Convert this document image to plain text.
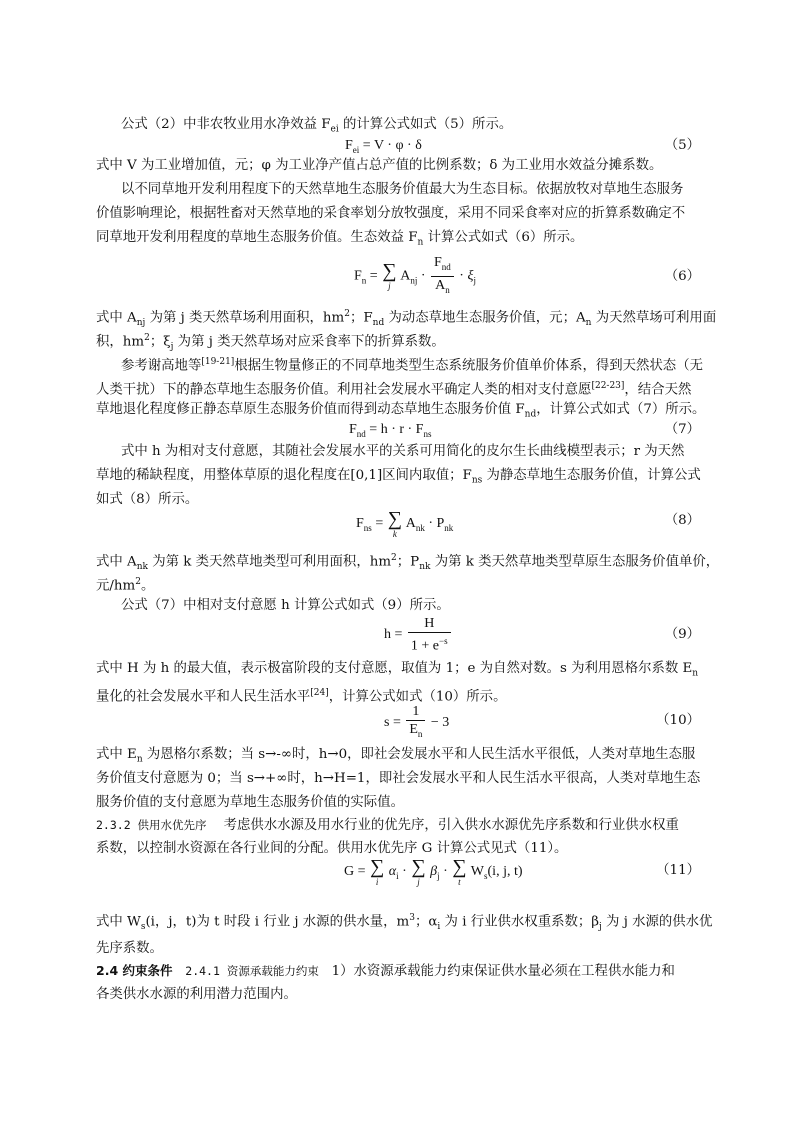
公式（2）中非农牧业用水净效益 $F_{ei}$ 的计算公式如式（5）所示。
$F_{ei} = V \cdot \varphi \cdot \delta$	（5）
式中 V 为工业增加值，元；φ 为工业净产值占总产值的比例系数；δ 为工业用水效益分摊系数。
以不同草地开发利用程度下的天然草地生态服务价值最大为生态目标。依据放牧对草地生态服务
价值影响理论，根据牲畜对天然草地的采食率划分放牧强度，采用不同采食率对应的折算系数确定不
同草地开发利用程度的草地生态服务价值。生态效益 $F_n$ 计算公式如式（6）所示。
$F_n$ = ∑
j
$A_{nj} \cdot \frac{F_{nd}}{A_n} \cdot \xi_j$	（6）
式中 $A_{nj}$ 为第 j 类天然草场利用面积，$hm^2$；$F_{nd}$ 为动态草地生态服务价值，元；$A_n$ 为天然草场可利用面
积，$hm^2$；$\xi_j$ 为第 j 类天然草场对应采食率下的折算系数。
参考谢高地等[19-21]根据生物量修正的不同草地类型生态系统服务价值单价体系，得到天然状态（无
人类干扰）下的静态草地生态服务价值。利用社会发展水平确定人类的相对支付意愿[22-23]，结合天然
草地退化程度修正静态草原生态服务价值而得到动态草地生态服务价值 $F_{nd}$，计算公式如式（7）所示。
$F_{nd} = h \cdot r \cdot F_{ns}$	（7）
式中 h 为相对支付意愿，其随社会发展水平的关系可用简化的皮尔生长曲线模型表示；r 为天然
草地的稀缺程度，用整体草原的退化程度在[0,1]区间内取值；$F_{ns}$ 为静态草地生态服务价值，计算公式
如式（8）所示。
$F_{ns}$ = ∑
k
$A_{nk} \cdot P_{nk}$
（8）
式中 $A_{nk}$ 为第 k 类天然草地类型可利用面积，$hm^2$；$P_{nk}$ 为第 k 类天然草地类型草原生态服务价值单价，
元$/hm^2$。
公式（7）中相对支付意愿 h 计算公式如式（9）所示。
$h = \frac{H}{1 + e^{-s}}$	（9）
式中 H 为 h 的最大值，表示极富阶段的支付意愿，取值为 1；e 为自然对数。s 为利用恩格尔系数 $E_n$
量化的社会发展水平和人民生活水平[24]，计算公式如式（10）所示。
$s = \frac{1}{E_n} - 3$	（10）
式中 $E_n$ 为恩格尔系数；当 s→-∞时，h→0，即社会发展水平和人民生活水平很低，人类对草地生态服
务价值支付意愿为 0；当 s→+∞时，h→H=1，即社会发展水平和人民生活水平很高，人类对草地生态
服务价值的支付意愿为草地生态服务价值的实际值。
2.3.2 供用水优先序 考虑供水水源及用水行业的优先序，引入供水水源优先序系数和行业供水权重
系数，以控制水资源在各行业间的分配。供用水优先序 G 计算公式见式（11）。
G = ∑
i
$\alpha_i$ · ∑
j
$\beta_j$ · ∑
t
$W_s(i$, j, t)	（11）
式中 $W_s(i$，j，t)为 t 时段 i 行业 j 水源的供水量，$m^3$；$\alpha_i$ 为 i 行业供水权重系数；$\beta_j$ 为 j 水源的供水优
先序系数。
2.4 约束条件 2.4.1 资源承载能力约束 1）水资源承载能力约束保证供水量必须在工程供水能力和
各类供水水源的利用潜力范围内。
